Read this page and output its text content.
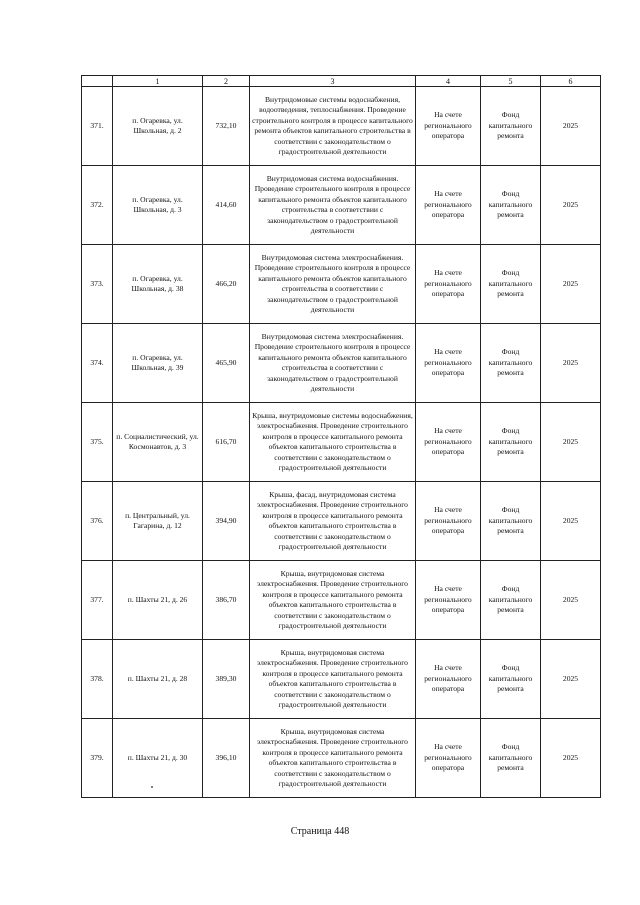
	1	2	3	4	5	6
371.	п. Огаревка, ул. Школьная, д. 2	732,10	Внутридомовые системы водоснабжения, водоотведения, теплоснабжения. Проведение строительного контроля в процессе капитального ремонта объектов капитального строительства в соответствии с законодательством о градостроительной деятельности	На счете регионального оператора	Фонд капитального ремонта	2025
372.	п. Огаревка, ул. Школьная, д. 3	414,60	Внутридомовая система водоснабжения. Проведение строительного контроля в процессе капитального ремонта объектов капитального строительства в соответствии с законодательством о градостроительной деятельности	На счете регионального оператора	Фонд капитального ремонта	2025
373.	п. Огаревка, ул. Школьная, д. 38	466,20	Внутридомовая система электроснабжения. Проведение строительного контроля в процессе капитального ремонта объектов капитального строительства в соответствии с законодательством о градостроительной деятельности	На счете регионального оператора	Фонд капитального ремонта	2025
374.	п. Огаревка, ул. Школьная, д. 39	465,90	Внутридомовая система электроснабжения. Проведение строительного контроля в процессе капитального ремонта объектов капитального строительства в соответствии с законодательством о градостроительной деятельности	На счете регионального оператора	Фонд капитального ремонта	2025
375.	п. Социалистический, ул. Космонавтов, д. 3	616,70	Крыша, внутридомовые системы водоснабжения, электроснабжения. Проведение строительного контроля в процессе капитального ремонта объектов капитального строительства в соответствии с законодательством о градостроительной деятельности	На счете регионального оператора	Фонд капитального ремонта	2025
376.	п. Центральный, ул. Гагарина, д. 12	394,90	Крыша, фасад, внутридомовая система электроснабжения. Проведение строительного контроля в процессе капитального ремонта объектов капитального строительства в соответствии с законодательством о градостроительной деятельности	На счете регионального оператора	Фонд капитального ремонта	2025
377.	п. Шахты 21, д. 26	386,70	Крыша, внутридомовая система электроснабжения. Проведение строительного контроля в процессе капитального ремонта объектов капитального строительства в соответствии с законодательством о градостроительной деятельности	На счете регионального оператора	Фонд капитального ремонта	2025
378.	п. Шахты 21, д. 28	389,30	Крыша, внутридомовая система электроснабжения. Проведение строительного контроля в процессе капитального ремонта объектов капитального строительства в соответствии с законодательством о градостроительной деятельности	На счете регионального оператора	Фонд капитального ремонта	2025
379.	п. Шахты 21, д. 30	396,10	Крыша, внутридомовая система электроснабжения. Проведение строительного контроля в процессе капитального ремонта объектов капитального строительства в соответствии с законодательством о градостроительной деятельности	На счете регионального оператора	Фонд капитального ремонта	2025
Страница 448
